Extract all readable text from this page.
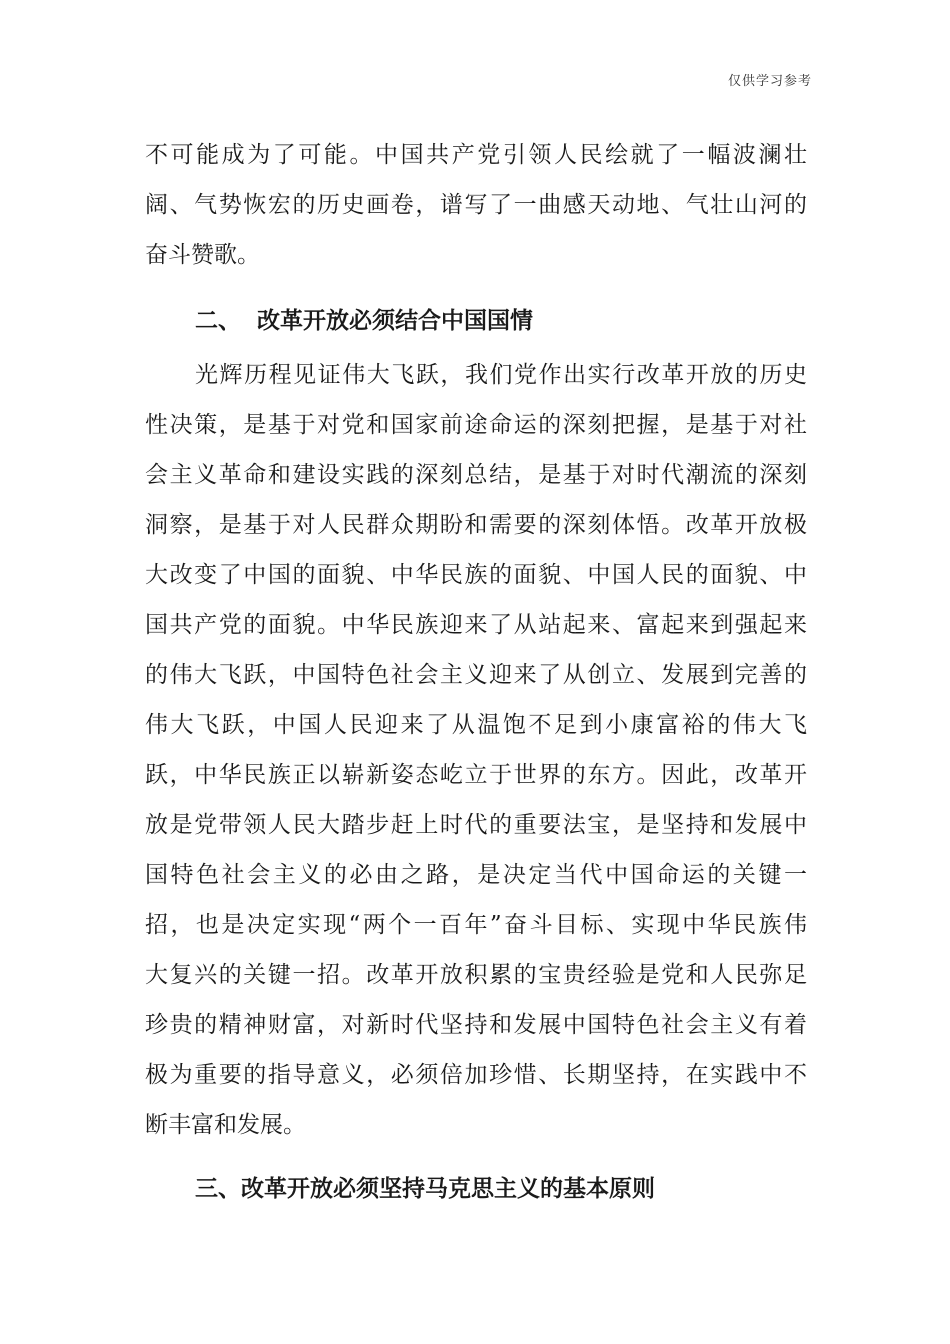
仅供学习参考
不可能成为了可能。中国共产党引领人民绘就了一幅波澜壮
阔、气势恢宏的历史画卷，谱写了一曲感天动地、气壮山河的
奋斗赞歌。
二、  改革开放必须结合中国国情
光辉历程见证伟大飞跃，我们党作出实行改革开放的历史
性决策，是基于对党和国家前途命运的深刻把握，是基于对社
会主义革命和建设实践的深刻总结，是基于对时代潮流的深刻
洞察，是基于对人民群众期盼和需要的深刻体悟。改革开放极
大改变了中国的面貌、中华民族的面貌、中国人民的面貌、中
国共产党的面貌。中华民族迎来了从站起来、富起来到强起来
的伟大飞跃，中国特色社会主义迎来了从创立、发展到完善的
伟大飞跃，中国人民迎来了从温饱不足到小康富裕的伟大飞
跃，中华民族正以崭新姿态屹立于世界的东方。因此，改革开
放是党带领人民大踏步赶上时代的重要法宝，是坚持和发展中
国特色社会主义的必由之路，是决定当代中国命运的关键一
招，也是决定实现“两个一百年”奋斗目标、实现中华民族伟
大复兴的关键一招。改革开放积累的宝贵经验是党和人民弥足
珍贵的精神财富，对新时代坚持和发展中国特色社会主义有着
极为重要的指导意义，必须倍加珍惜、长期坚持，在实践中不
断丰富和发展。
三、改革开放必须坚持马克思主义的基本原则
